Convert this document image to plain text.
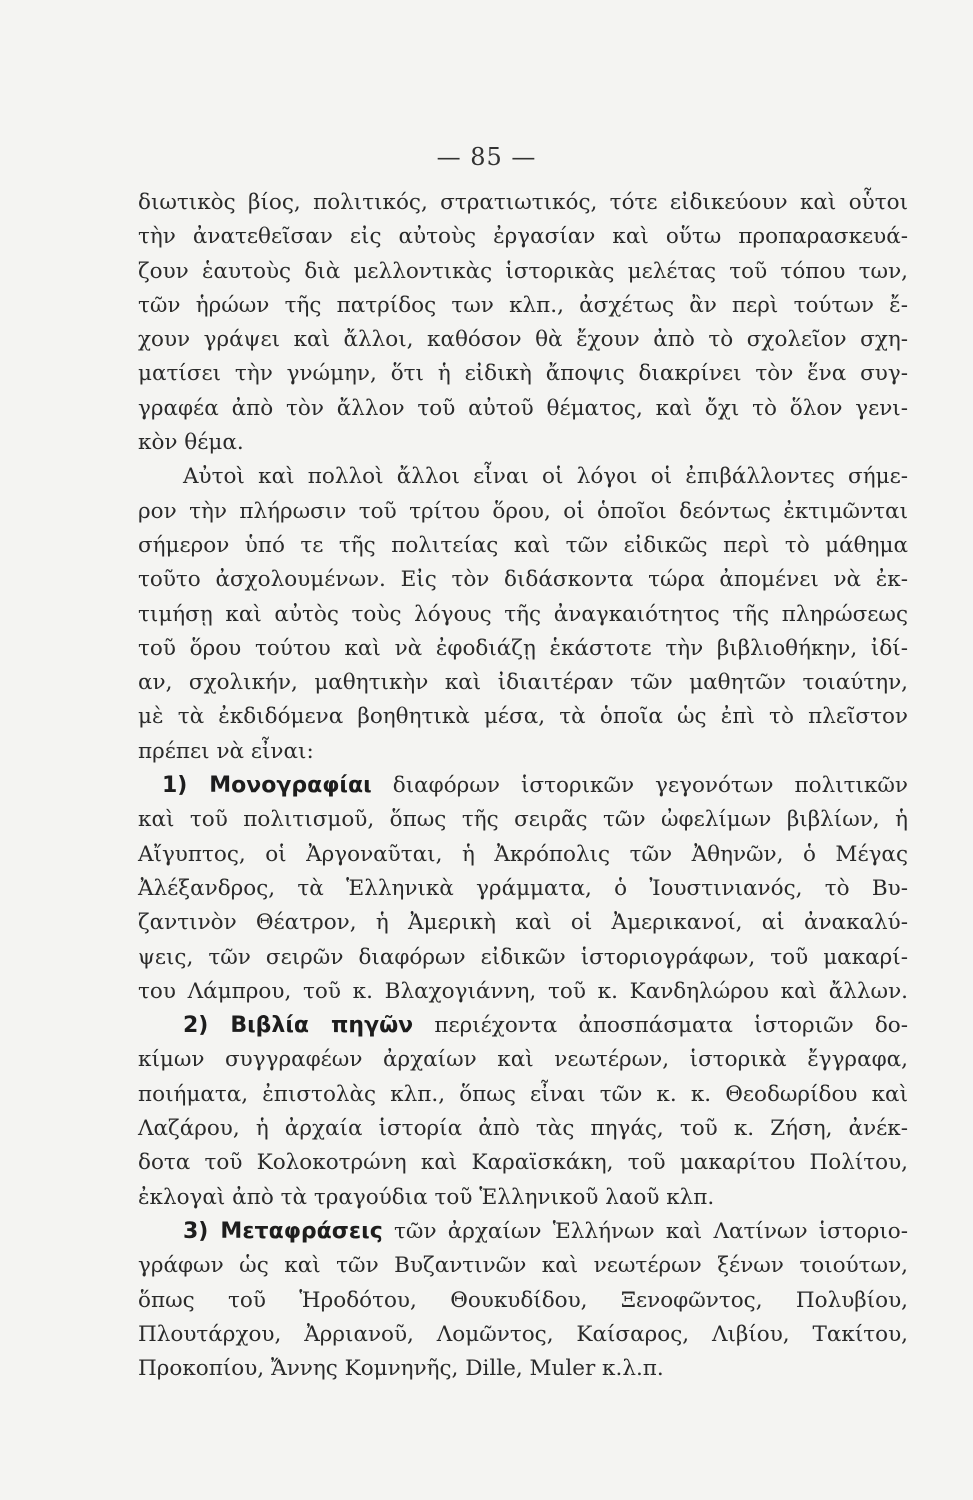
— 85 —
διωτικὸς βίος, πολιτικός, στρατιωτικός, τότε εἰδικεύουν καὶ οὗτοι
τὴν ἀνατεθεῖσαν εἰς αὐτοὺς ἐργασίαν καὶ οὕτω προπαρασκευά-
ζουν ἑαυτοὺς διὰ μελλοντικὰς ἱστορικὰς μελέτας τοῦ τόπου των,
τῶν ἡρώων τῆς πατρίδος των κλπ., ἀσχέτως ἂν περὶ τούτων ἔ-
χουν γράψει καὶ ἄλλοι, καθόσον θὰ ἔχουν ἀπὸ τὸ σχολεῖον σχη-
ματίσει τὴν γνώμην, ὅτι ἡ εἰδικὴ ἄποψις διακρίνει τὸν ἕνα συγ-
γραφέα ἀπὸ τὸν ἄλλον τοῦ αὐτοῦ θέματος, καὶ ὄχι τὸ ὅλον γενι-
κὸν θέμα.
Αὐτοὶ καὶ πολλοὶ ἄλλοι εἶναι οἱ λόγοι οἱ ἐπιβάλλοντες σήμε-
ρον τὴν πλήρωσιν τοῦ τρίτου ὅρου, οἱ ὁποῖοι δεόντως ἐκτιμῶνται
σήμερον ὑπό τε τῆς πολιτείας καὶ τῶν εἰδικῶς περὶ τὸ μάθημα
τοῦτο ἀσχολουμένων. Εἰς τὸν διδάσκοντα τώρα ἀπομένει νὰ ἐκ-
τιμήσῃ καὶ αὐτὸς τοὺς λόγους τῆς ἀναγκαιότητος τῆς πληρώσεως
τοῦ ὅρου τούτου καὶ νὰ ἐφοδιάζῃ ἑκάστοτε τὴν βιβλιοθήκην, ἰδί-
αν, σχολικήν, μαθητικὴν καὶ ἰδιαιτέραν τῶν μαθητῶν τοιαύτην,
μὲ τὰ ἐκδιδόμενα βοηθητικὰ μέσα, τὰ ὁποῖα ὡς ἐπὶ τὸ πλεῖστον
πρέπει νὰ εἶναι:
1) Μονογραφίαι διαφόρων ἱστορικῶν γεγονότων πολιτικῶν
καὶ τοῦ πολιτισμοῦ, ὅπως τῆς σειρᾶς τῶν ὠφελίμων βιβλίων, ἡ
Αἴγυπτος, οἱ Ἀργοναῦται, ἡ Ἀκρόπολις τῶν Ἀθηνῶν, ὁ Μέγας
Ἀλέξανδρος, τὰ Ἑλληνικὰ γράμματα, ὁ Ἰουστινιανός, τὸ Βυ-
ζαντινὸν Θέατρον, ἡ Ἀμερικὴ καὶ οἱ Ἀμερικανοί, αἱ ἀνακαλύ-
ψεις, τῶν σειρῶν διαφόρων εἰδικῶν ἱστοριογράφων, τοῦ μακαρί-
του Λάμπρου, τοῦ κ. Βλαχογιάννη, τοῦ κ. Κανδηλώρου καὶ ἄλλων.
2) Βιβλία πηγῶν περιέχοντα ἀποσπάσματα ἱστοριῶν δο-
κίμων συγγραφέων ἀρχαίων καὶ νεωτέρων, ἱστορικὰ ἔγγραφα,
ποιήματα, ἐπιστολὰς κλπ., ὅπως εἶναι τῶν κ. κ. Θεοδωρίδου καὶ
Λαζάρου, ἡ ἀρχαία ἱστορία ἀπὸ τὰς πηγάς, τοῦ κ. Ζήση, ἀνέκ-
δοτα τοῦ Κολοκοτρώνη καὶ Καραϊσκάκη, τοῦ μακαρίτου Πολίτου,
ἐκλογαὶ ἀπὸ τὰ τραγούδια τοῦ Ἑλληνικοῦ λαοῦ κλπ.
3) Μεταφράσεις τῶν ἀρχαίων Ἑλλήνων καὶ Λατίνων ἱστοριο-
γράφων ὡς καὶ τῶν Βυζαντινῶν καὶ νεωτέρων ξένων τοιούτων,
ὅπως τοῦ Ἡροδότου, Θουκυδίδου, Ξενοφῶντος, Πολυβίου,
Πλουτάρχου, Ἀρριανοῦ, Λομῶντος, Καίσαρος, Λιβίου, Τακίτου,
Προκοπίου, Ἄννης Κομνηνῆς, Dille, Muler κ.λ.π.
